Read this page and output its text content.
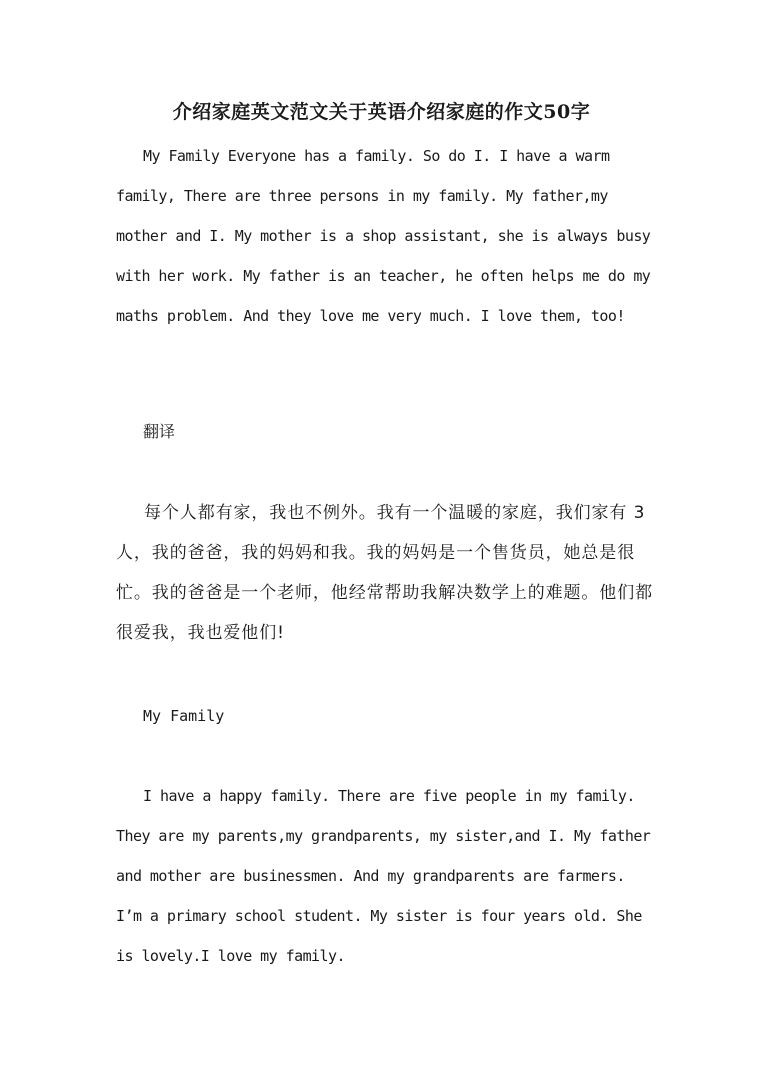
介绍家庭英文范文关于英语介绍家庭的作文50字

My Family Everyone has a family. So do I. I have a warm family, There are three persons in my family. My father,my mother and I. My mother is a shop assistant, she is always busy with her work. My father is an teacher, he often helps me do my maths problem. And they love me very much. I love them, too!

翻译

每个人都有家，我也不例外。我有一个温暖的家庭，我们家有 3 人，我的爸爸，我的妈妈和我。我的妈妈是一个售货员，她总是很忙。我的爸爸是一个老师，他经常帮助我解决数学上的难题。他们都很爱我，我也爱他们!

My Family

I have a happy family. There are five people in my family. They are my parents,my grandparents, my sister,and I. My father and mother are businessmen. And my grandparents are farmers. I’m a primary school student. My sister is four years old. She is lovely.I love my family.
